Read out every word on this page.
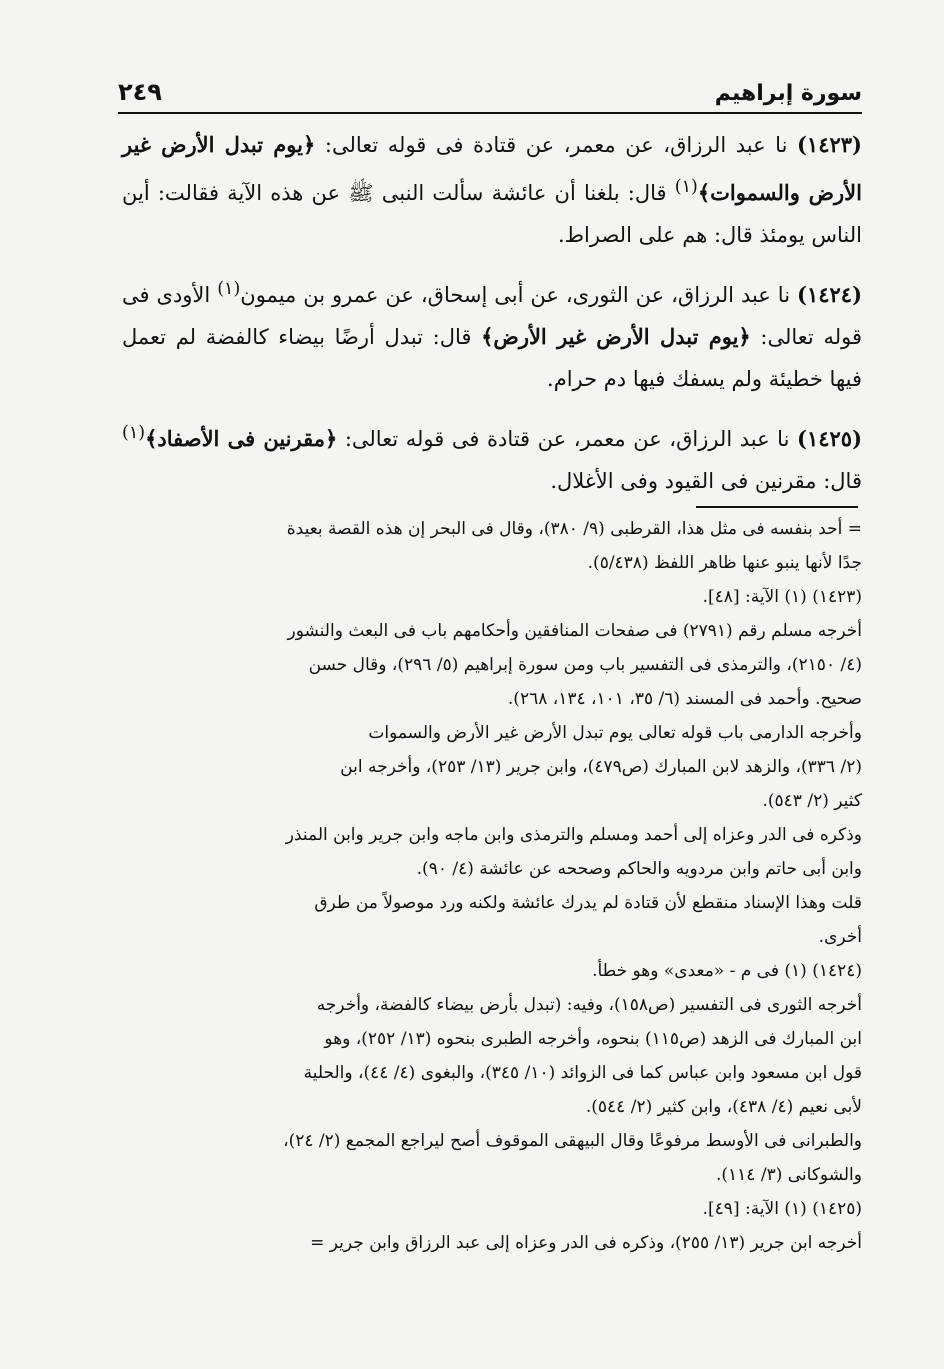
سورة إبراهيم
٢٤٩

(١٤٢٣) نا عبد الرزاق، عن معمر، عن قتادة فى قوله تعالى: ﴿يوم تبدل الأرض غير الأرض والسموات﴾$^{(١)}$ قال: بلغنا أن عائشة سألت النبى ﷺ عن هذه الآية فقالت: أين الناس يومئذ قال: هم على الصراط.

(١٤٢٤) نا عبد الرزاق، عن الثورى، عن أبى إسحاق، عن عمرو بن ميمون$^{(١)}$ الأودى فى قوله تعالى: ﴿يوم تبدل الأرض غير الأرض﴾ قال: تبدل أرضًا بيضاء كالفضة لم تعمل فيها خطيئة ولم يسفك فيها دم حرام.

(١٤٢٥) نا عبد الرزاق، عن معمر، عن قتادة فى قوله تعالى: ﴿مقرنين فى الأصفاد﴾$^{(١)}$ قال: مقرنين فى القيود وفى الأغلال.

= أحد بنفسه فى مثل هذا، القرطبى (٩/ ٣٨٠)، وقال فى البحر إن هذه القصة بعيدة
جدًا لأنها ينبو عنها ظاهر اللفظ (٥/٤٣٨).
(١٤٢٣) (١) الآية: [٤٨].
أخرجه مسلم رقم (٢٧٩١) فى صفحات المنافقين وأحكامهم باب فى البعث والنشور
(٤/ ٢١٥٠)، والترمذى فى التفسير باب ومن سورة إبراهيم (٥/ ٢٩٦)، وقال حسن
صحيح. وأحمد فى المسند (٦/ ٣٥، ١٠١، ١٣٤، ٢٦٨).
وأخرجه الدارمى باب قوله تعالى يوم تبدل الأرض غير الأرض والسموات
(٢/ ٣٣٦)، والزهد لابن المبارك (ص٤٧٩)، وابن جرير (١٣/ ٢٥٣)، وأخرجه ابن
كثير (٢/ ٥٤٣).
وذكره فى الدر وعزاه إلى أحمد ومسلم والترمذى وابن ماجه وابن جرير وابن المنذر
وابن أبى حاتم وابن مردويه والحاكم وصححه عن عائشة (٤/ ٩٠).
قلت وهذا الإسناد منقطع لأن قتادة لم يدرك عائشة ولكنه ورد موصولاً من طرق
أخرى.
(١٤٢٤) (١) فى م - «معدى» وهو خطأ.
أخرجه الثورى فى التفسير (ص١٥٨)، وفيه: (تبدل بأرض بيضاء كالفضة، وأخرجه
ابن المبارك فى الزهد (ص١١٥) بنحوه، وأخرجه الطبرى بنحوه (١٣/ ٢٥٢)، وهو
قول ابن مسعود وابن عباس كما فى الزوائد (١٠/ ٣٤٥)، والبغوى (٤/ ٤٤)، والحلية
لأبى نعيم (٤/ ٤٣٨)، وابن كثير (٢/ ٥٤٤).
والطبرانى فى الأوسط مرفوعًا وقال البيهقى الموقوف أصح ليراجع المجمع (٢/ ٢٤)،
والشوكانى (٣/ ١١٤).
(١٤٢٥) (١) الآية: [٤٩].
أخرجه ابن جرير (١٣/ ٢٥٥)، وذكره فى الدر وعزاه إلى عبد الرزاق وابن جرير =
